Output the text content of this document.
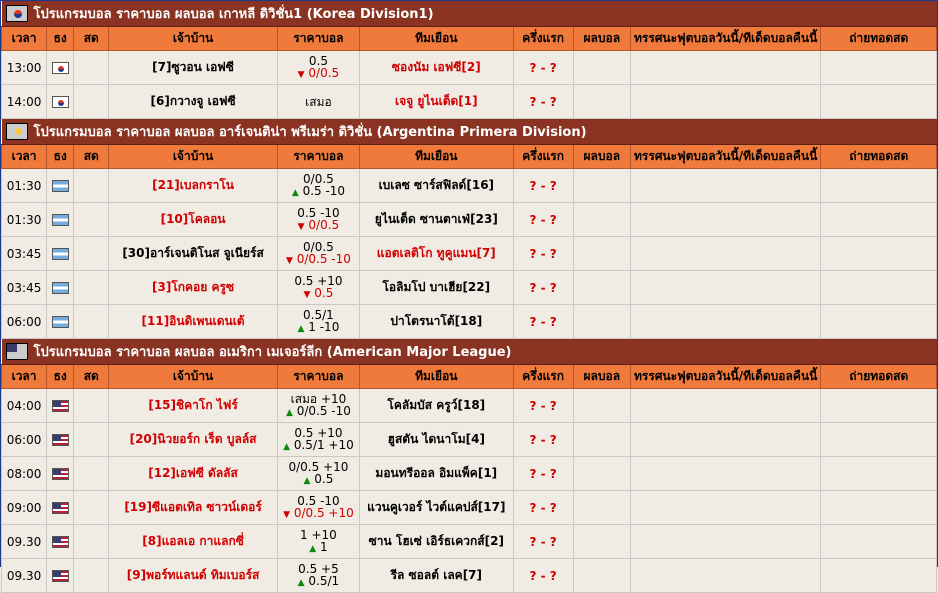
โปรแกรมบอล ราคาบอล ผลบอล เกาหลี ดิวิชั่น1 (Korea Division1)									
เวลา	ธง	สด	เจ้าบ้าน	ราคาบอล	ทีมเยือน	ครึ่งแรก	ผลบอล	ทรรศนะฟุตบอลวันนี้/ทีเด็ดบอลคืนนี้	ถ่ายทอดสด
13:00			[7]ซูวอน เอฟซี	0.5
▼ 0/0.5	ซองนัม เอฟซี[2]	? - ?			
14:00			[6]กวางจู เอฟซี	เสมอ	เจจู ยูไนเต็ด[1]	? - ?			
โปรแกรมบอล ราคาบอล ผลบอล อาร์เจนติน่า พรีเมร่า ดิวิชั่น (Argentina Primera Division)									
เวลา	ธง	สด	เจ้าบ้าน	ราคาบอล	ทีมเยือน	ครึ่งแรก	ผลบอล	ทรรศนะฟุตบอลวันนี้/ทีเด็ดบอลคืนนี้	ถ่ายทอดสด
01:30			[21]เบลกราโน	0/0.5
▲ 0.5 -10	เบเลซ ซาร์สฟิลด์[16]	? - ?			
01:30			[10]โคลอน	0.5 -10
▼ 0/0.5	ยูไนเต็ด ซานตาเฟ่[23]	? - ?			
03:45			[30]อาร์เจนติโนส จูเนียร์ส	0/0.5
▼ 0/0.5 -10	แอตเลติโก ทูคูแมน[7]	? - ?			
03:45			[3]โกคอย ครูซ	0.5 +10
▼ 0.5	โอลิมโป บาเฮีย[22]	? - ?			
06:00			[11]อินดิเพนเดนเต้	0.5/1
▲ 1 -10	ปาโตรนาโต้[18]	? - ?			
โปรแกรมบอล ราคาบอล ผลบอล อเมริกา เมเจอร์ลีก (American Major League)									
เวลา	ธง	สด	เจ้าบ้าน	ราคาบอล	ทีมเยือน	ครึ่งแรก	ผลบอล	ทรรศนะฟุตบอลวันนี้/ทีเด็ดบอลคืนนี้	ถ่ายทอดสด
04:00			[15]ชิคาโก ไฟร์	เสมอ +10
▲ 0/0.5 -10	โคลัมบัส ครูว์[18]	? - ?			
06:00			[20]นิวยอร์ก เร็ด บูลล์ส	0.5 +10
▲ 0.5/1 +10	ฮูสตัน ไดนาโม[4]	? - ?			
08:00			[12]เอฟซี ดัลลัส	0/0.5 +10
▲ 0.5	มอนทรีออล อิมแพ็ค[1]	? - ?			
09:00			[19]ซีแอตเทิล ซาวน์เดอร์	0.5 -10
▼ 0/0.5 +10	แวนคูเวอร์ ไวต์แคปส์[17]	? - ?			
09.30			[8]แอลเอ กาแลกซี่	1 +10
▲ 1	ซาน โฮเซ่ เอิร์ธเควกส์[2]	? - ?			
09.30			[9]พอร์ทแลนด์ ทิมเบอร์ส	0.5 +5
▲ 0.5/1	รีล ซอลต์ เลค[7]	? - ?			
